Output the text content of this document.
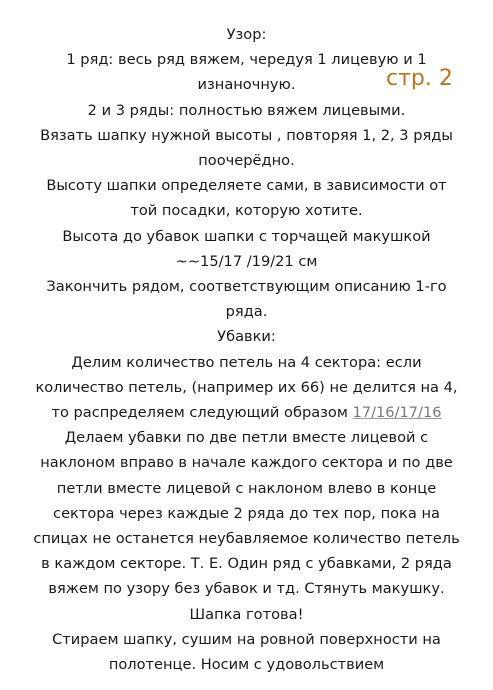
стр. 2
Узор:
1 ряд: весь ряд вяжем, чередуя 1 лицевую и 1
изнаночную.
2 и 3 ряды: полностью вяжем лицевыми.
Вязать шапку нужной высоты , повторяя 1, 2, 3 ряды
поочерёдно.
Высоту шапки определяете сами, в зависимости от
той посадки, которую хотите.
Высота до убавок шапки с торчащей макушкой
~~15/17 /19/21 см
Закончить рядом, соответствующим описанию 1-го
ряда.
Убавки:
Делим количество петель на 4 сектора: если
количество петель, (например их 66) не делится на 4,
то распределяем следующий образом 17/16/17/16
Делаем убавки по две петли вместе лицевой с
наклоном вправо в начале каждого сектора и по две
петли вместе лицевой с наклоном влево в конце
сектора через каждые 2 ряда до тех пор, пока на
спицах не останется неубавляемое количество петель
в каждом секторе. Т. Е. Один ряд с убавками, 2 ряда
вяжем по узору без убавок и тд. Стянуть макушку.
Шапка готова!
Стираем шапку, сушим на ровной поверхности на
полотенце. Носим с удовольствием
